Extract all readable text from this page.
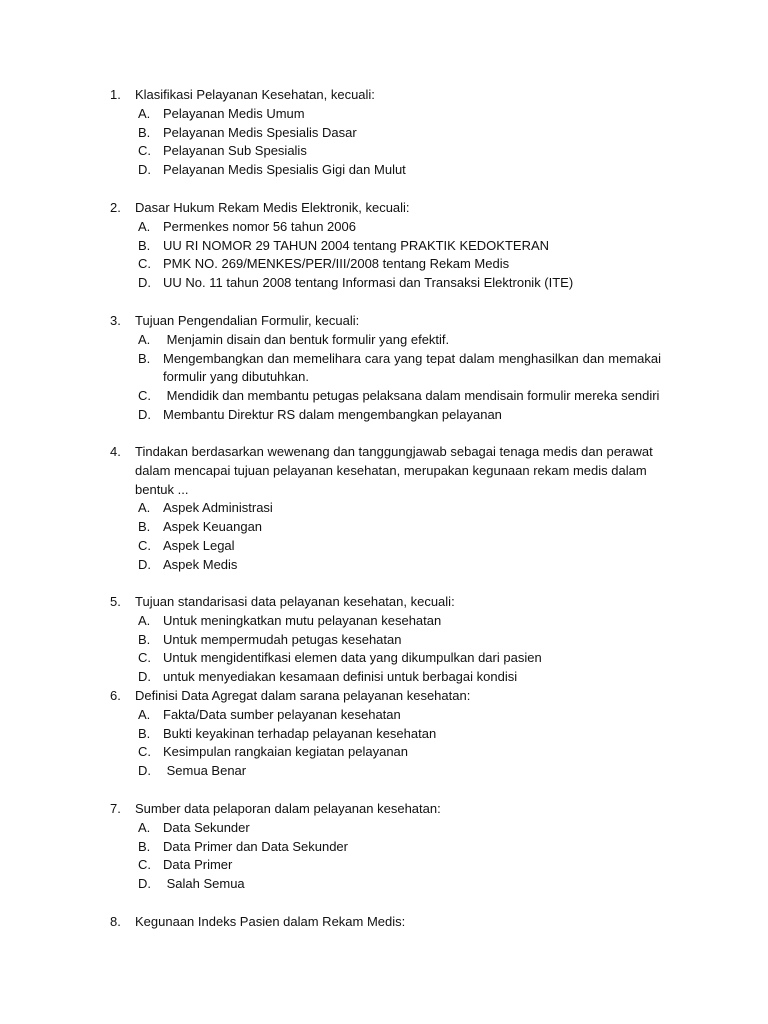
1. Klasifikasi Pelayanan Kesehatan, kecuali:
A. Pelayanan Medis Umum
B. Pelayanan Medis Spesialis Dasar
C. Pelayanan Sub Spesialis
D. Pelayanan Medis Spesialis Gigi dan Mulut
2. Dasar Hukum Rekam Medis Elektronik, kecuali:
A. Permenkes nomor 56 tahun 2006
B. UU RI NOMOR 29 TAHUN 2004 tentang PRAKTIK KEDOKTERAN
C. PMK NO. 269/MENKES/PER/III/2008 tentang Rekam Medis
D. UU No. 11 tahun 2008 tentang Informasi dan Transaksi Elektronik (ITE)
3. Tujuan Pengendalian Formulir, kecuali:
A. Menjamin disain dan bentuk formulir yang efektif.
B. Mengembangkan dan memelihara cara yang tepat dalam menghasilkan dan memakai formulir yang dibutuhkan.
C. Mendidik dan membantu petugas pelaksana dalam mendisain formulir mereka sendiri
D. Membantu Direktur RS dalam mengembangkan pelayanan
4. Tindakan berdasarkan wewenang dan tanggungjawab sebagai tenaga medis dan perawat dalam mencapai tujuan pelayanan kesehatan, merupakan kegunaan rekam medis dalam bentuk ...
A. Aspek Administrasi
B. Aspek Keuangan
C. Aspek Legal
D. Aspek Medis
5. Tujuan standarisasi data pelayanan kesehatan, kecuali:
A. Untuk meningkatkan mutu pelayanan kesehatan
B. Untuk mempermudah petugas kesehatan
C. Untuk mengidentifkasi elemen data yang dikumpulkan dari pasien
D. untuk menyediakan kesamaan definisi untuk berbagai kondisi
6. Definisi Data Agregat dalam sarana pelayanan kesehatan:
A. Fakta/Data sumber pelayanan kesehatan
B. Bukti keyakinan terhadap pelayanan kesehatan
C. Kesimpulan rangkaian kegiatan pelayanan
D. Semua Benar
7. Sumber data pelaporan dalam pelayanan kesehatan:
A. Data Sekunder
B. Data Primer dan Data Sekunder
C. Data Primer
D. Salah Semua
8. Kegunaan Indeks Pasien dalam Rekam Medis:
